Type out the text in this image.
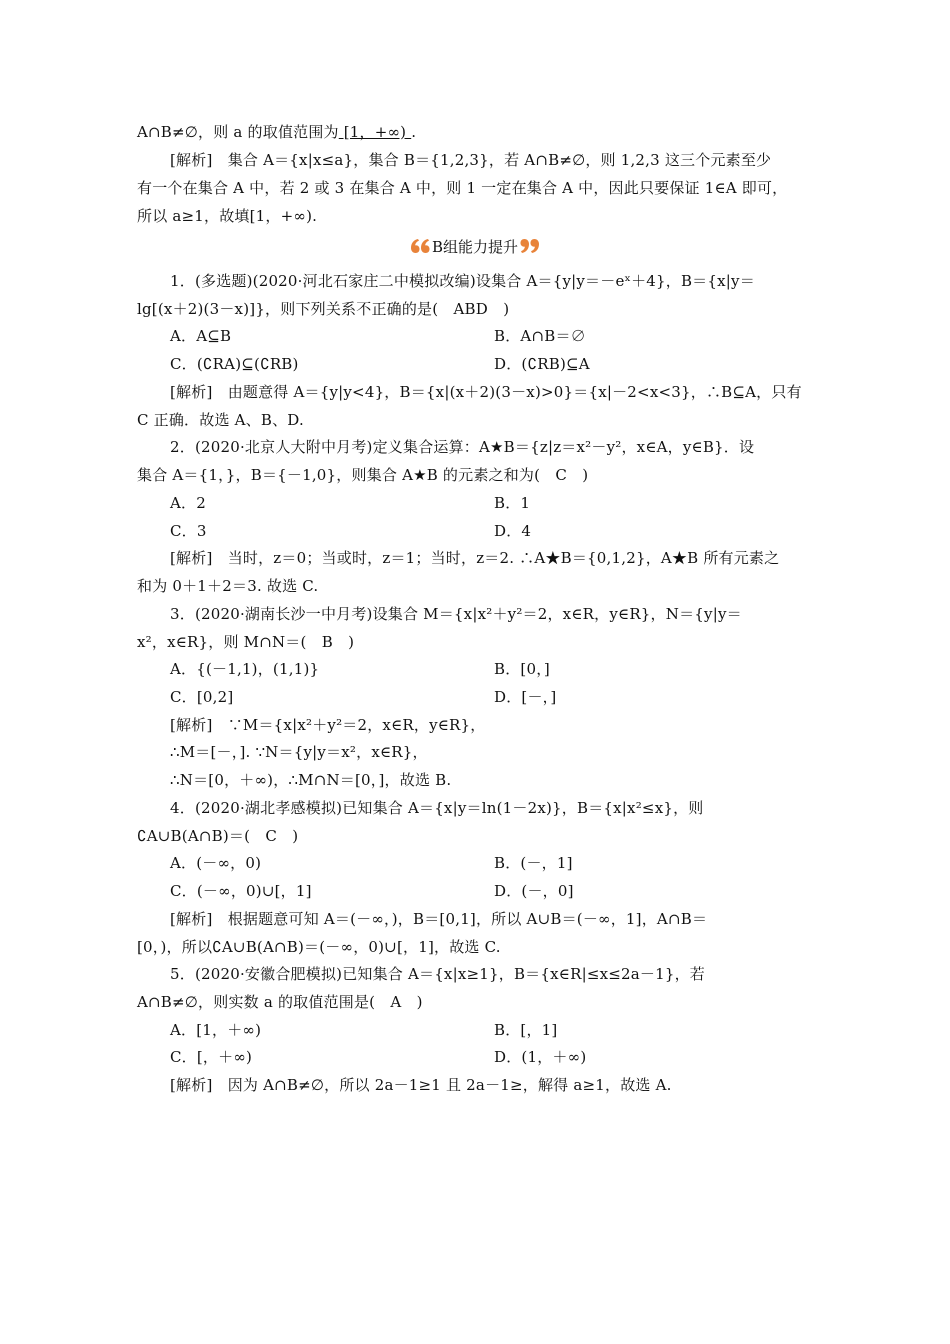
A∩B≠∅，则 a 的取值范围为 [1，+∞) .
[解析]　集合 A＝{x|x≤a}，集合 B＝{1,2,3}，若 A∩B≠∅，则 1,2,3 这三个元素至少
有一个在集合 A 中，若 2 或 3 在集合 A 中，则 1 一定在集合 A 中，因此只要保证 1∈A 即可，
所以 a≥1，故填[1，+∞).
B组能力提升
1．(多选题)(2020·河北石家庄二中模拟改编)设集合 A＝{y|y＝－eˣ＋4}，B＝{x|y＝
lg[(x＋2)(3－x)]}，则下列关系不正确的是(　ABD　)
A．A⊆B	B．A∩B＝∅
C．(∁RA)⊆(∁RB)	D．(∁RB)⊆A
[解析]　由题意得 A＝{y|y<4}，B＝{x|(x＋2)(3－x)>0}＝{x|－2<x<3}，∴B⊆A，只有
C 正确．故选 A、B、D.
2．(2020·北京人大附中月考)定义集合运算：A★B＝{z|z＝x²－y²，x∈A，y∈B}．设
集合 A＝{1，}，B＝{－1,0}，则集合 A★B 的元素之和为(　C　)
A．2	B．1
C．3	D．4
[解析]　当时，z＝0；当或时，z＝1；当时，z＝2. ∴A★B＝{0,1,2}，A★B 所有元素之
和为 0＋1＋2＝3. 故选 C.
3．(2020·湖南长沙一中月考)设集合 M＝{x|x²＋y²＝2，x∈R，y∈R}，N＝{y|y＝
x²，x∈R}，则 M∩N＝(　B　)
A．{(－1,1)，(1,1)}	B．[0，]
C．[0,2]	D．[－，]
[解析]　∵M＝{x|x²＋y²＝2，x∈R，y∈R}，
∴M＝[－，]. ∵N＝{y|y＝x²，x∈R}，
∴N＝[0，＋∞)，∴M∩N＝[0，]，故选 B.
4．(2020·湖北孝感模拟)已知集合 A＝{x|y＝ln(1－2x)}，B＝{x|x²≤x}，则
∁A∪B(A∩B)＝(　C　)
A．(－∞，0)	B．(－，1]
C．(－∞，0)∪[，1]	D．(－，0]
[解析]　根据题意可知 A＝(－∞，)，B＝[0,1]，所以 A∪B＝(－∞，1]，A∩B＝
[0，)，所以∁A∪B(A∩B)＝(－∞，0)∪[，1]，故选 C.
5．(2020·安徽合肥模拟)已知集合 A＝{x|x≥1}，B＝{x∈R|≤x≤2a－1}，若
A∩B≠∅，则实数 a 的取值范围是(　A　)
A．[1，＋∞)	B．[，1]
C．[，＋∞)	D．(1，＋∞)
[解析]　因为 A∩B≠∅，所以 2a－1≥1 且 2a－1≥，解得 a≥1，故选 A.
